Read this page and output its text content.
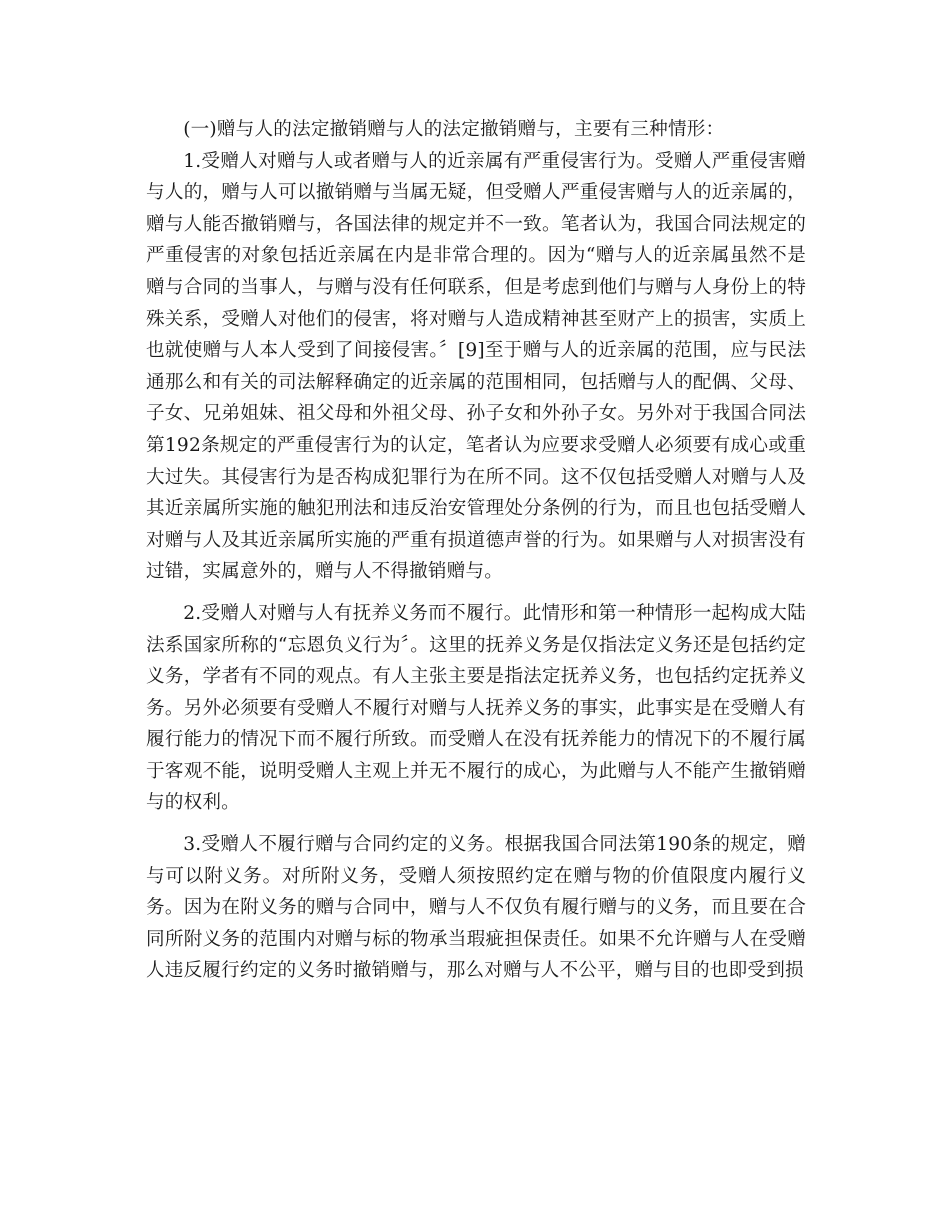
(一)赠与人的法定撤销赠与人的法定撤销赠与，主要有三种情形：

1.受赠人对赠与人或者赠与人的近亲属有严重侵害行为。受赠人严重侵害赠与人的，赠与人可以撤销赠与当属无疑，但受赠人严重侵害赠与人的近亲属的，赠与人能否撤销赠与，各国法律的规定并不一致。笔者认为，我国合同法规定的严重侵害的对象包括近亲属在内是非常合理的。因为“赠与人的近亲属虽然不是赠与合同的当事人，与赠与没有任何联系，但是考虑到他们与赠与人身份上的特殊关系，受赠人对他们的侵害，将对赠与人造成精神甚至财产上的损害，实质上也就使赠与人本人受到了间接侵害。〞[9]至于赠与人的近亲属的范围，应与民法通那么和有关的司法解释确定的近亲属的范围相同，包括赠与人的配偶、父母、子女、兄弟姐妹、祖父母和外祖父母、孙子女和外孙子女。另外对于我国合同法第192条规定的严重侵害行为的认定，笔者认为应要求受赠人必须要有成心或重大过失。其侵害行为是否构成犯罪行为在所不同。这不仅包括受赠人对赠与人及其近亲属所实施的触犯刑法和违反治安管理处分条例的行为，而且也包括受赠人对赠与人及其近亲属所实施的严重有损道德声誉的行为。如果赠与人对损害没有过错，实属意外的，赠与人不得撤销赠与。

2.受赠人对赠与人有抚养义务而不履行。此情形和第一种情形一起构成大陆法系国家所称的“忘恩负义行为〞。这里的抚养义务是仅指法定义务还是包括约定义务，学者有不同的观点。有人主张主要是指法定抚养义务，也包括约定抚养义务。另外必须要有受赠人不履行对赠与人抚养义务的事实，此事实是在受赠人有履行能力的情况下而不履行所致。而受赠人在没有抚养能力的情况下的不履行属于客观不能，说明受赠人主观上并无不履行的成心，为此赠与人不能产生撤销赠与的权利。

3.受赠人不履行赠与合同约定的义务。根据我国合同法第190条的规定，赠与可以附义务。对所附义务，受赠人须按照约定在赠与物的价值限度内履行义务。因为在附义务的赠与合同中，赠与人不仅负有履行赠与的义务，而且要在合同所附义务的范围内对赠与标的物承当瑕疵担保责任。如果不允许赠与人在受赠人违反履行约定的义务时撤销赠与，那么对赠与人不公平，赠与目的也即受到损
